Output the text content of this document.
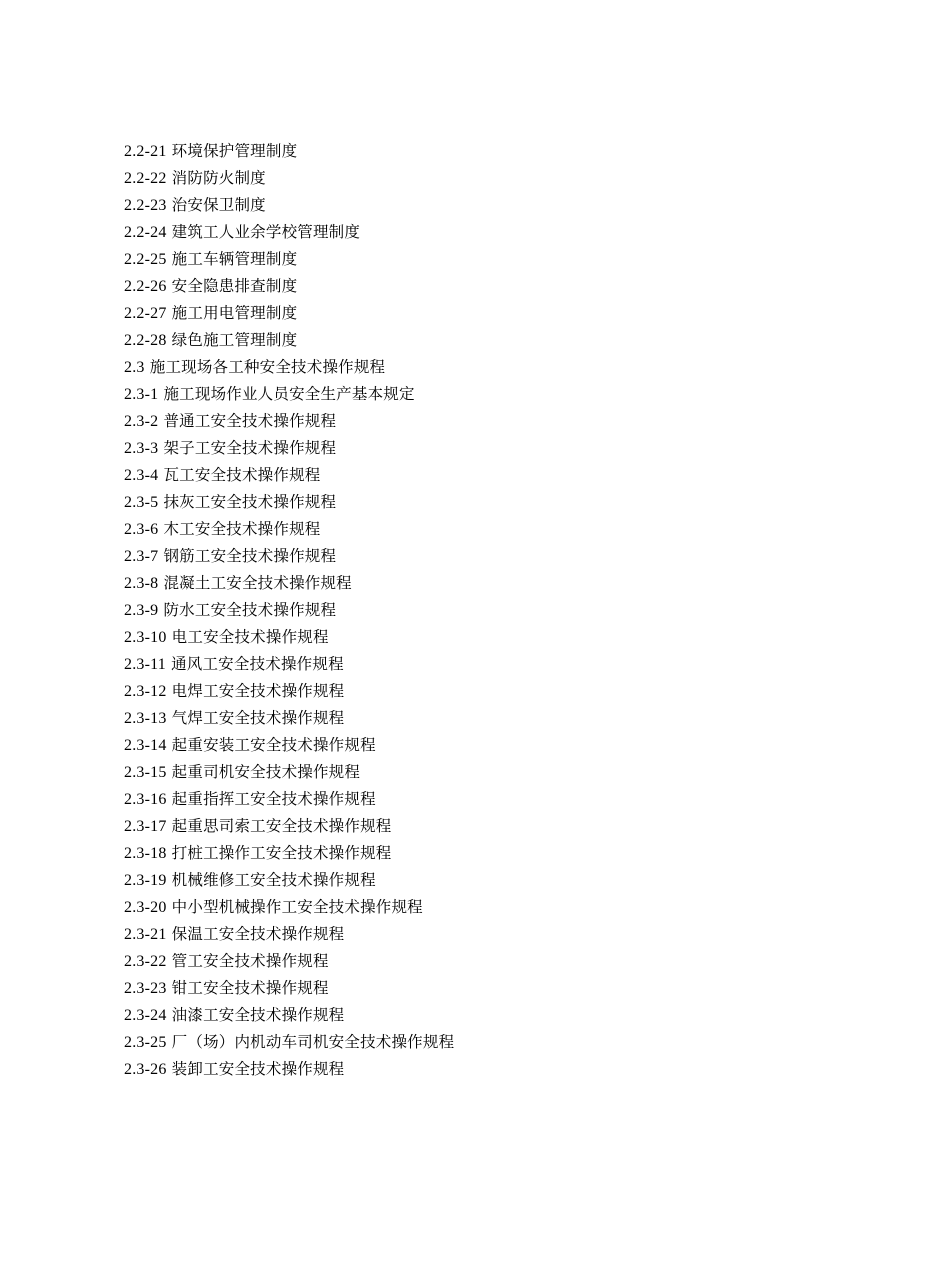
2.2-21 环境保护管理制度
2.2-22 消防防火制度
2.2-23 治安保卫制度
2.2-24 建筑工人业余学校管理制度
2.2-25 施工车辆管理制度
2.2-26 安全隐患排查制度
2.2-27 施工用电管理制度
2.2-28 绿色施工管理制度
2.3 施工现场各工种安全技术操作规程
2.3-1 施工现场作业人员安全生产基本规定
2.3-2 普通工安全技术操作规程
2.3-3 架子工安全技术操作规程
2.3-4 瓦工安全技术操作规程
2.3-5 抹灰工安全技术操作规程
2.3-6 木工安全技术操作规程
2.3-7 钢筋工安全技术操作规程
2.3-8 混凝土工安全技术操作规程
2.3-9 防水工安全技术操作规程
2.3-10 电工安全技术操作规程
2.3-11 通风工安全技术操作规程
2.3-12 电焊工安全技术操作规程
2.3-13 气焊工安全技术操作规程
2.3-14 起重安装工安全技术操作规程
2.3-15 起重司机安全技术操作规程
2.3-16 起重指挥工安全技术操作规程
2.3-17 起重思司索工安全技术操作规程
2.3-18 打桩工操作工安全技术操作规程
2.3-19 机械维修工安全技术操作规程
2.3-20 中小型机械操作工安全技术操作规程
2.3-21 保温工安全技术操作规程
2.3-22 管工安全技术操作规程
2.3-23 钳工安全技术操作规程
2.3-24 油漆工安全技术操作规程
2.3-25 厂（场）内机动车司机安全技术操作规程
2.3-26 装卸工安全技术操作规程
